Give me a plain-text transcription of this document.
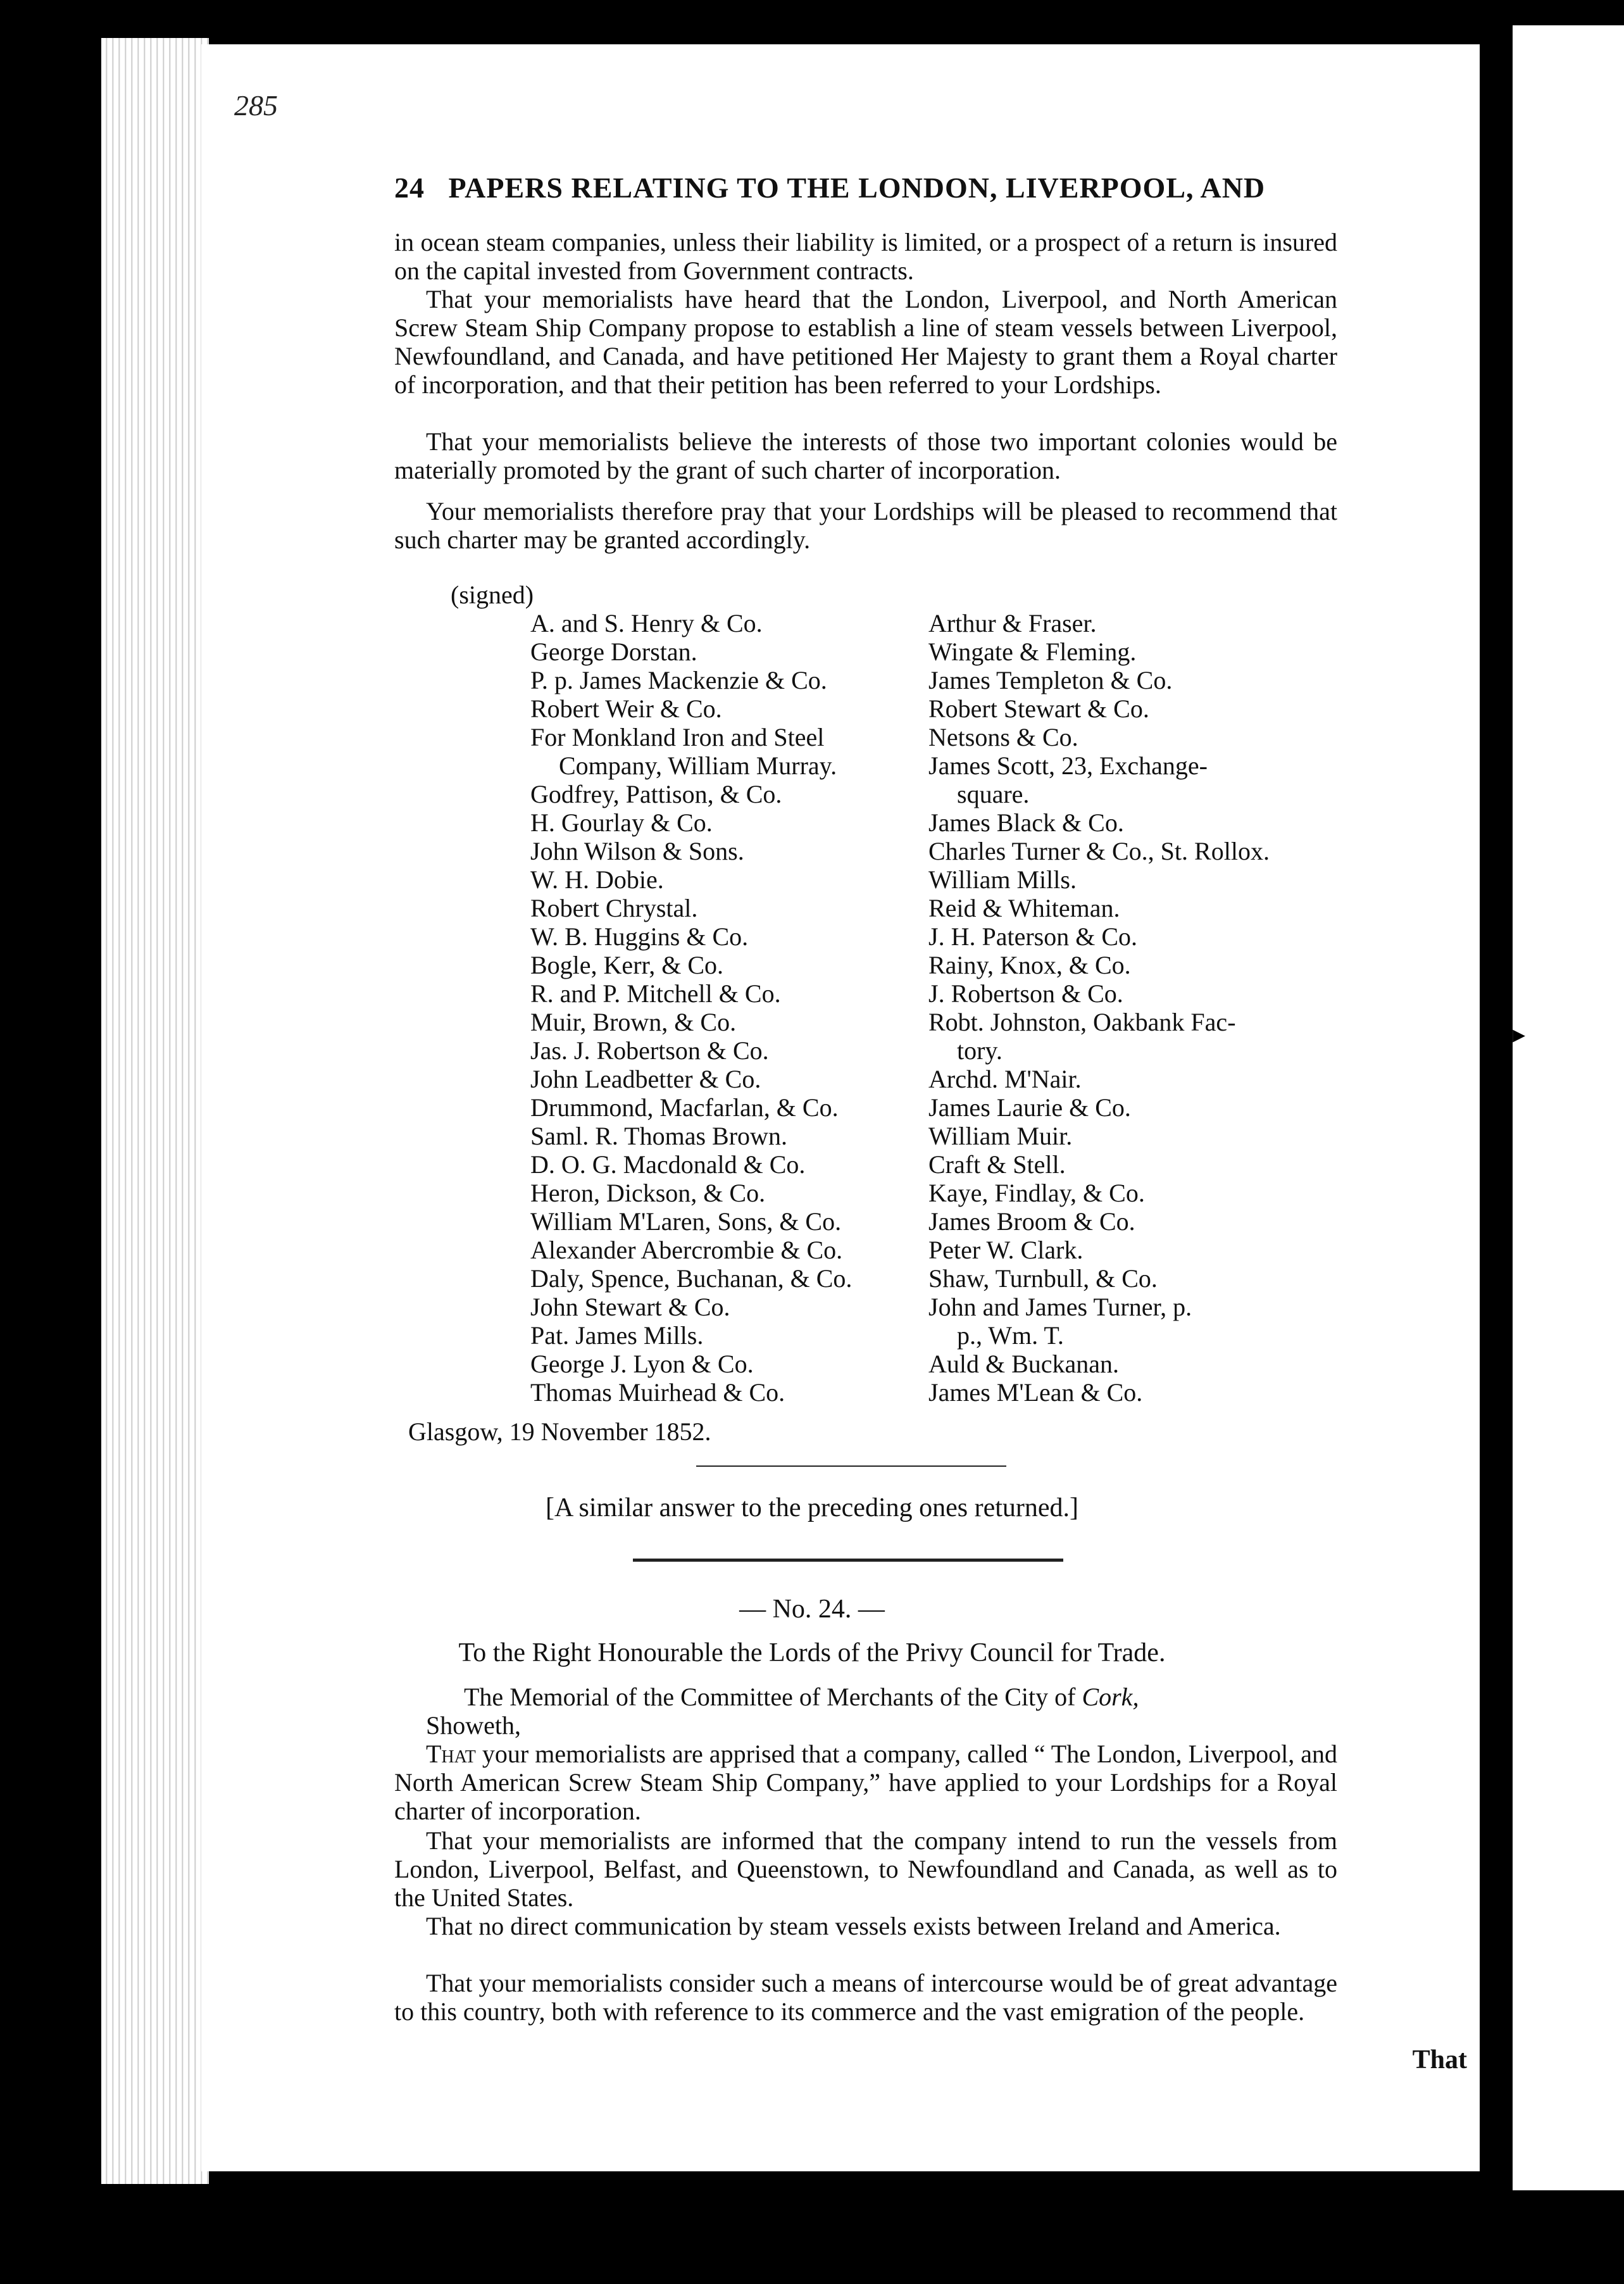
▸
285
24 PAPERS RELATING TO THE LONDON, LIVERPOOL, AND

in ocean steam companies, unless their liability is limited, or a prospect of a return is insured on the capital invested from Government contracts.

That your memorialists have heard that the London, Liverpool, and North American Screw Steam Ship Company propose to establish a line of steam vessels between Liverpool, Newfoundland, and Canada, and have petitioned Her Majesty to grant them a Royal charter of incorporation, and that their petition has been referred to your Lordships.

That your memorialists believe the interests of those two important colonies would be materially promoted by the grant of such charter of incorporation.

Your memorialists therefore pray that your Lordships will be pleased to recommend that such charter may be granted accordingly.

(signed)
A. and S. Henry & Co.
George Dorstan.
P. p. James Mackenzie & Co.
Robert Weir & Co.
For Monkland Iron and Steel
Company, William Murray.
Godfrey, Pattison, & Co.
H. Gourlay & Co.
John Wilson & Sons.
W. H. Dobie.
Robert Chrystal.
W. B. Huggins & Co.
Bogle, Kerr, & Co.
R. and P. Mitchell & Co.
Muir, Brown, & Co.
Jas. J. Robertson & Co.
John Leadbetter & Co.
Drummond, Macfarlan, & Co.
Saml. R. Thomas Brown.
D. O. G. Macdonald & Co.
Heron, Dickson, & Co.
William M'Laren, Sons, & Co.
Alexander Abercrombie & Co.
Daly, Spence, Buchanan, & Co.
John Stewart & Co.
Pat. James Mills.
George J. Lyon & Co.
Thomas Muirhead & Co.
Arthur & Fraser.
Wingate & Fleming.
James Templeton & Co.
Robert Stewart & Co.
Netsons & Co.
James Scott, 23, Exchange-
square.
James Black & Co.
Charles Turner & Co., St. Rollox.
William Mills.
Reid & Whiteman.
J. H. Paterson & Co.
Rainy, Knox, & Co.
J. Robertson & Co.
Robt. Johnston, Oakbank Fac-
tory.
Archd. M'Nair.
James Laurie & Co.
William Muir.
Craft & Stell.
Kaye, Findlay, & Co.
James Broom & Co.
Peter W. Clark.
Shaw, Turnbull, & Co.
John and James Turner, p.
p., Wm. T.
Auld & Buckanan.
James M'Lean & Co.
Glasgow, 19 November 1852.
[A similar answer to the preceding ones returned.]
— No. 24. —
To the Right Honourable the Lords of the Privy Council for Trade.
The Memorial of the Committee of Merchants of the City of Cork,
Showeth,

That your memorialists are apprised that a company, called “ The London, Liverpool, and North American Screw Steam Ship Company,” have applied to your Lordships for a Royal charter of incorporation.

That your memorialists are informed that the company intend to run the vessels from London, Liverpool, Belfast, and Queenstown, to Newfoundland and Canada, as well as to the United States.

That no direct communication by steam vessels exists between Ireland and America.

That your memorialists consider such a means of intercourse would be of great advantage to this country, both with reference to its commerce and the vast emigration of the people.

That
